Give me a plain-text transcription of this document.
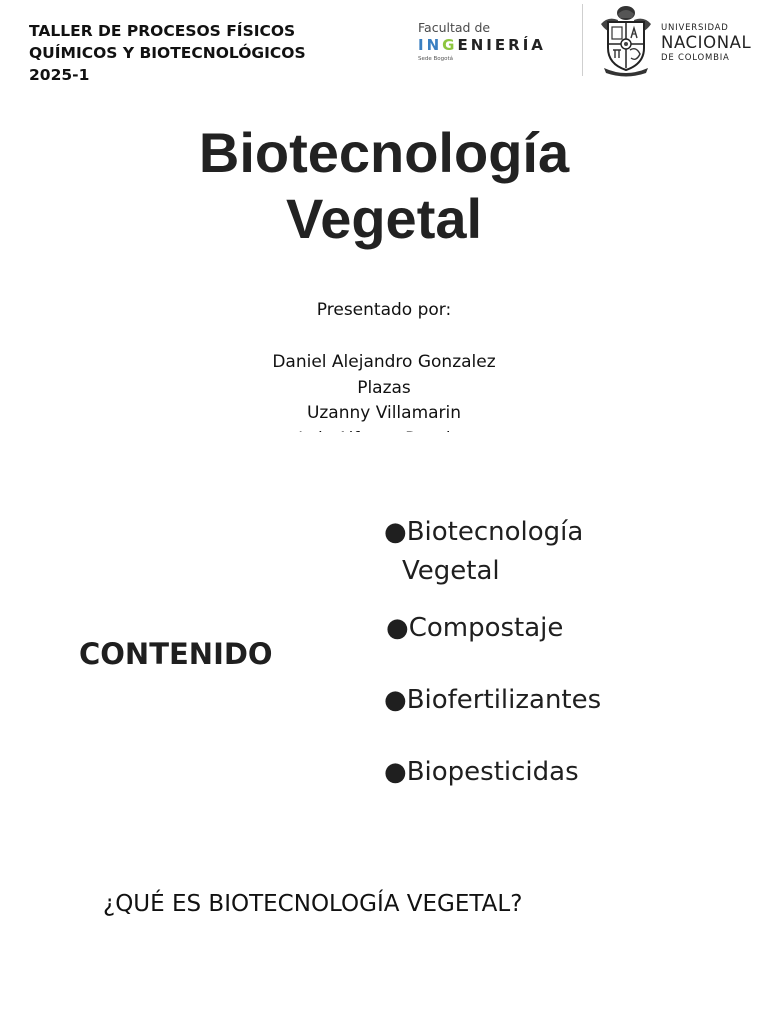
TALLER DE PROCESOS FÍSICOS
QUÍMICOS Y BIOTECNOLÓGICOS
2025-1
Facultad de
INGENIERÍA
Sede Bogotá
UNIVERSIDAD
NACIONAL
DE COLOMBIA
Biotecnología
Vegetal
Presentado por:
Daniel Alejandro Gonzalez
Plazas
Uzanny Villamarin
CONTENIDO
●Biotecnología
Vegetal
●Compostaje
●Biofertilizantes
●Biopesticidas
¿QUÉ ES BIOTECNOLOGÍA VEGETAL?
